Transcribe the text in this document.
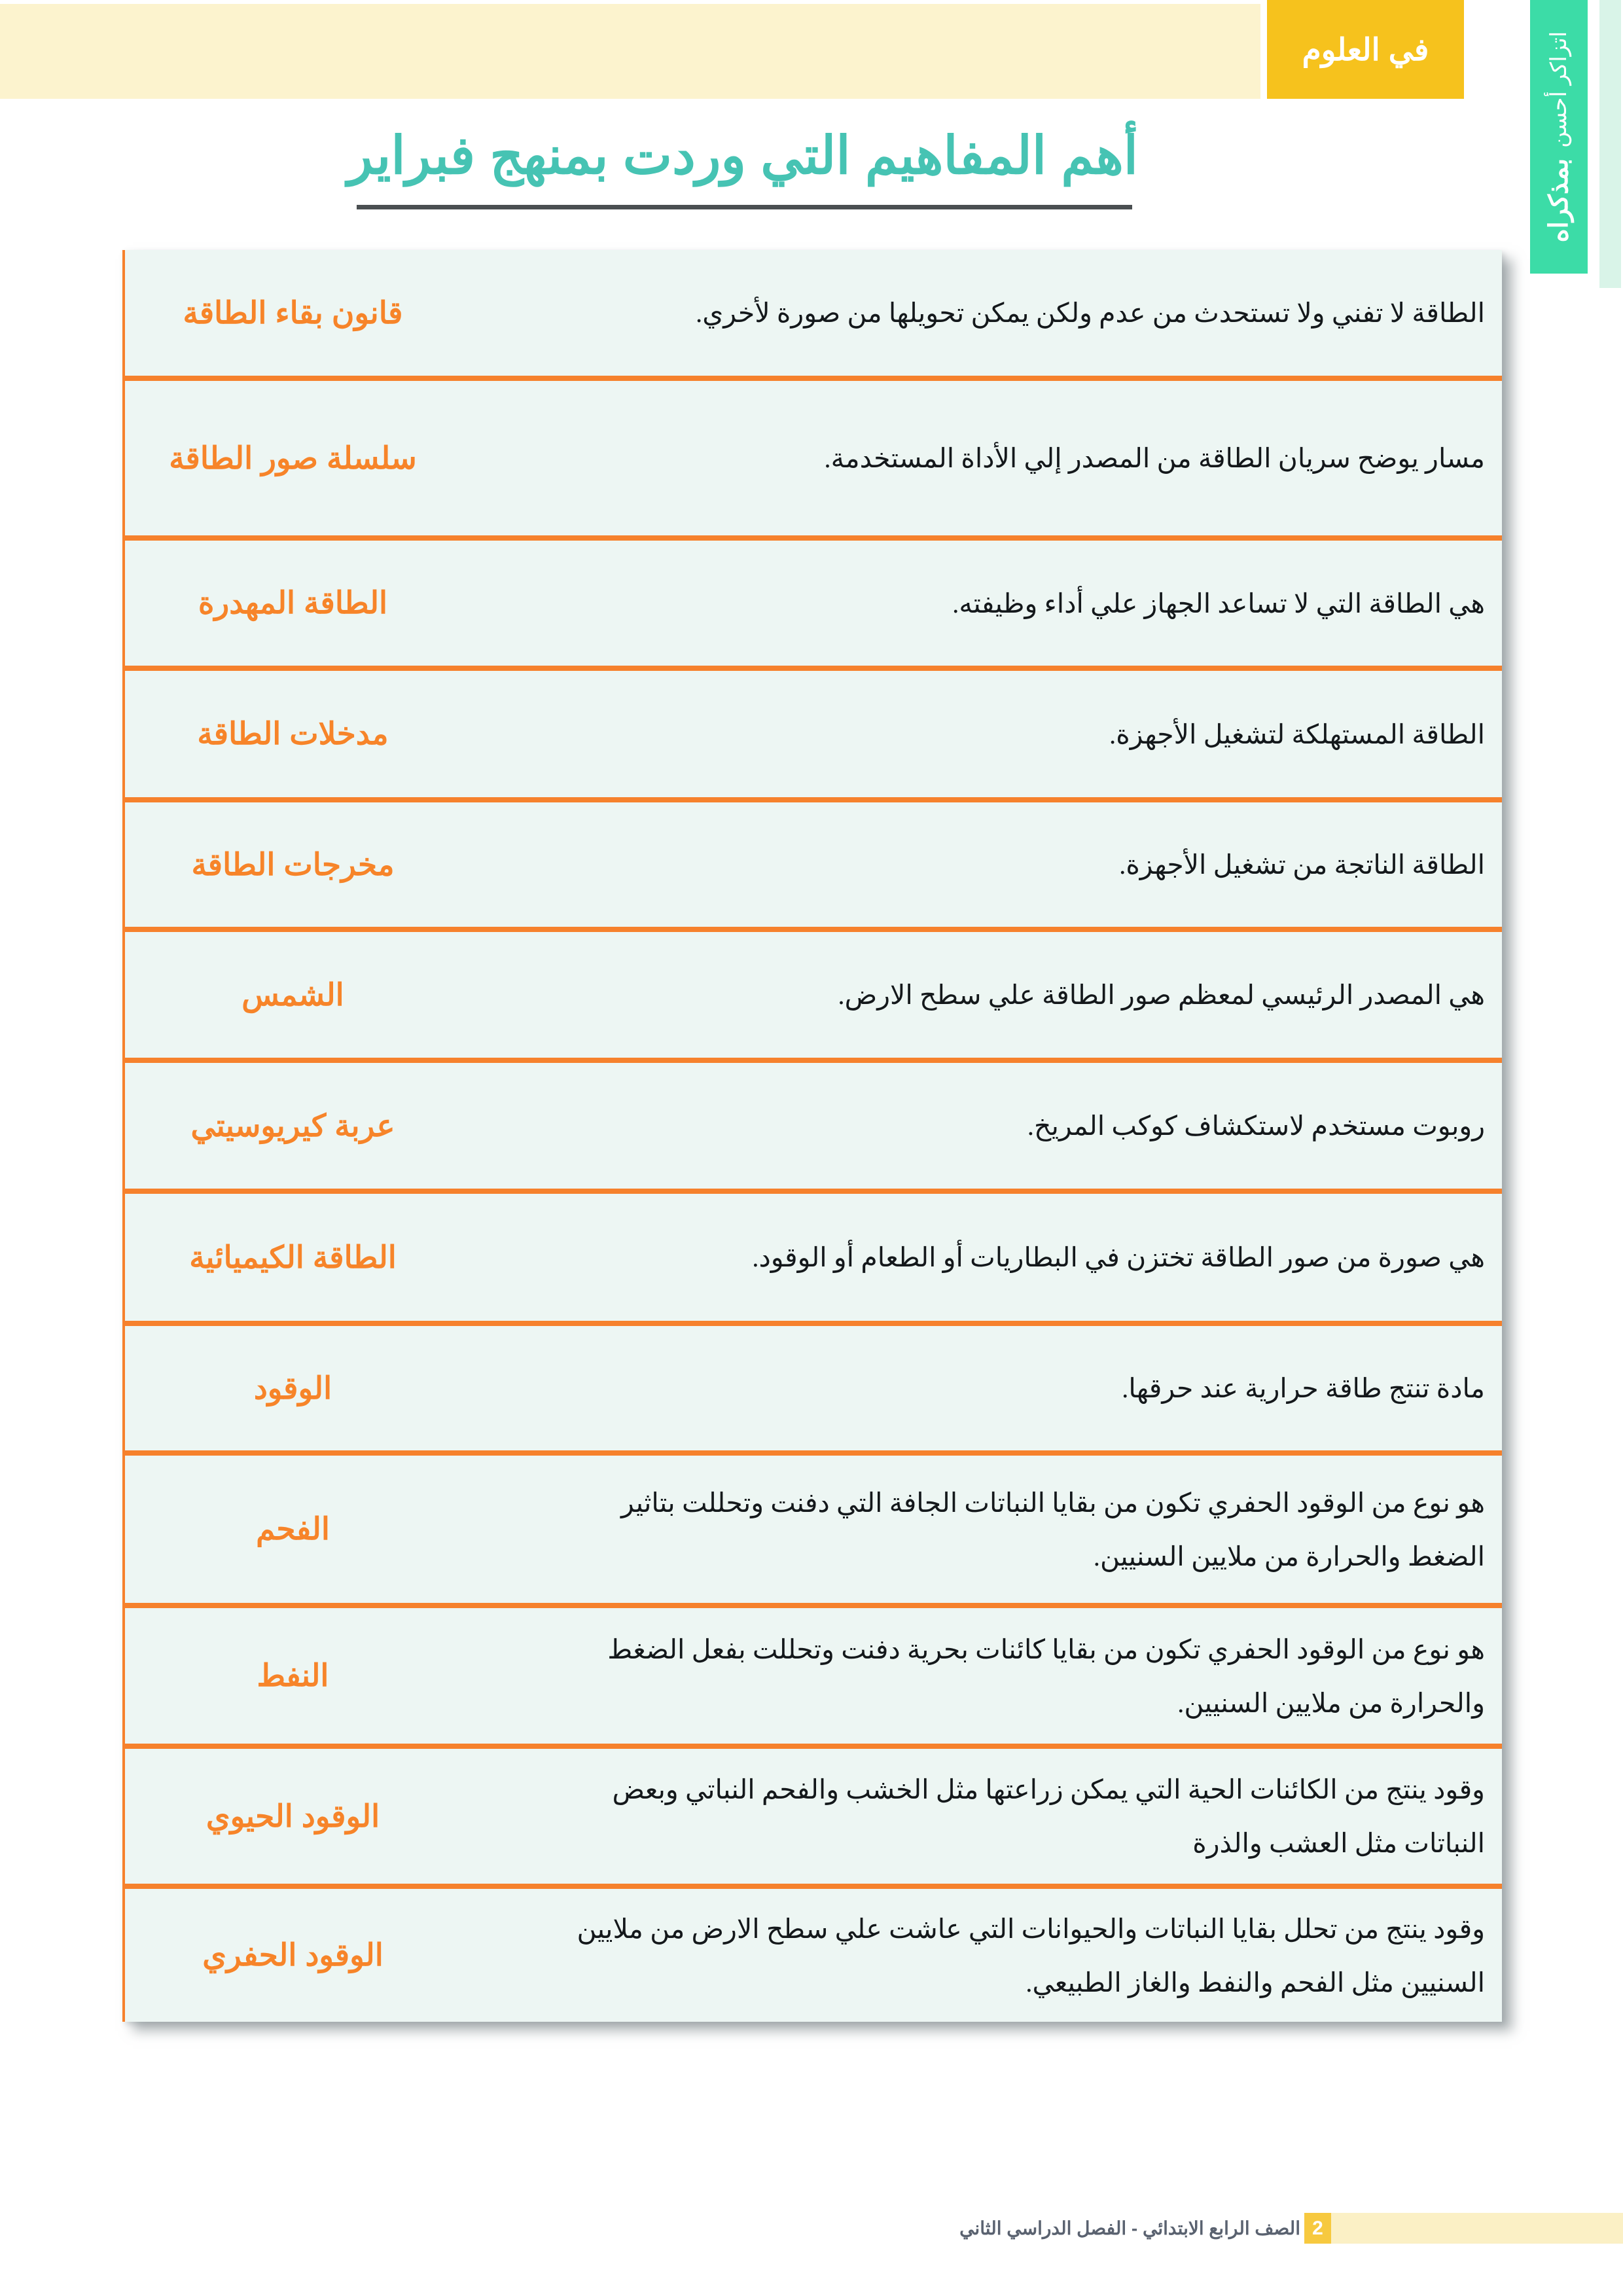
في العلوم	اتزاكر أحسن
بمذكراه
أهم المفاهيم التي وردت بمنهج فبراير
الطاقة لا تفني ولا تستحدث من عدم ولكن يمكن تحويلها من صورة لأخري.
قانون بقاء الطاقة
مسار يوضح سريان الطاقة من المصدر إلي الأداة المستخدمة.
سلسلة صور الطاقة
هي الطاقة التي لا تساعد الجهاز علي أداء وظيفته.
الطاقة المهدرة
الطاقة المستهلكة لتشغيل الأجهزة.
مدخلات الطاقة
الطاقة الناتجة من تشغيل الأجهزة.
مخرجات الطاقة
هي المصدر الرئيسي لمعظم صور الطاقة علي سطح الارض.
الشمس
روبوت مستخدم لاستكشاف كوكب المريخ.
عربة كيريوسيتي
هي صورة من صور الطاقة تختزن في البطاريات أو الطعام أو الوقود.
الطاقة الكيميائية
مادة تنتج طاقة حرارية عند حرقها.
الوقود
هو نوع من الوقود الحفري تكون من بقايا النباتات الجافة التي دفنت وتحللت بتاثير الضغط والحرارة من ملايين السنيين.
الفحم
هو نوع من الوقود الحفري تكون من بقايا كائنات بحرية دفنت وتحللت بفعل الضغط والحرارة من ملايين السنيين.
النفط
وقود ينتج من الكائنات الحية التي يمكن زراعتها مثل الخشب والفحم النباتي وبعض النباتات مثل العشب والذرة
الوقود الحيوي
وقود ينتج من تحلل بقايا النباتات والحيوانات التي عاشت علي سطح الارض من ملايين السنيين مثل الفحم والنفط والغاز الطبيعي.
الوقود الحفري
الصف الرابع الابتدائي - الفصل الدراسي الثاني 2
